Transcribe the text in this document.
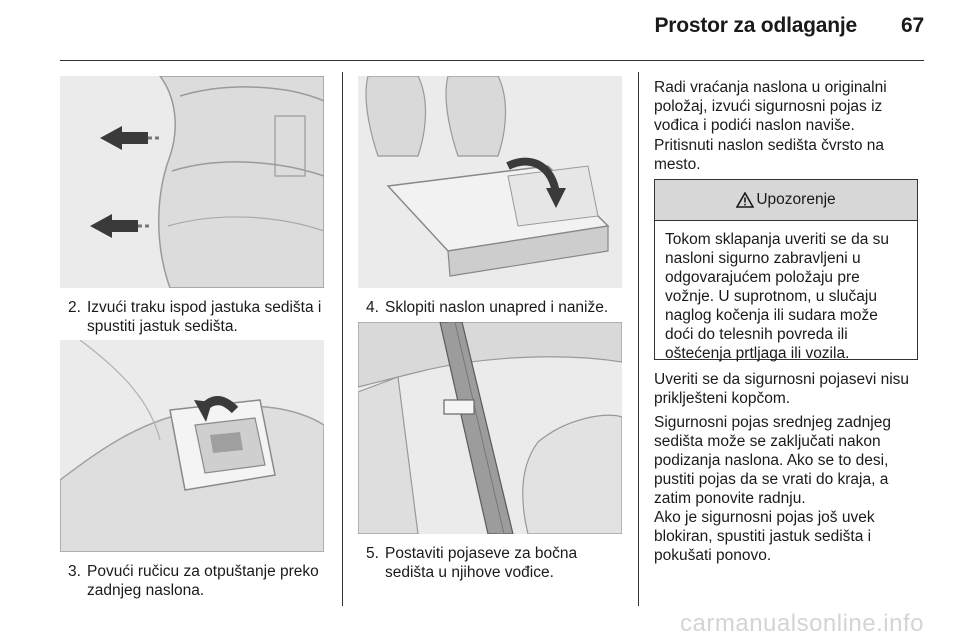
Prostor za odlaganje 67
2. Izvući traku ispod jastuka sedišta i spustiti jastuk sedišta.
3. Povući ručicu za otpuštanje preko zadnjeg naslona.
4. Sklopiti naslon unapred i naniže.
5. Postaviti pojaseve za bočna sedišta u njihove vođice.

Radi vraćanja naslona u originalni položaj, izvući sigurnosni pojas iz vođica i podići naslon naviše.

Pritisnuti naslon sedišta čvrsto na mesto.

Upozorenje
Tokom sklapanja uveriti se da su nasloni sigurno zabravljeni u odgovarajućem položaju pre vožnje. U suprotnom, u slučaju naglog kočenja ili sudara može doći do telesnih povreda ili oštećenja prtljaga ili vozila.

Uveriti se da sigurnosni pojasevi nisu priklješteni kopčom.

Sigurnosni pojas srednjeg zadnjeg sedišta može se zaključati nakon podizanja naslona. Ako se to desi, pustiti pojas da se vrati do kraja, a zatim ponovite radnju.

Ako je sigurnosni pojas još uvek blokiran, spustiti jastuk sedišta i pokušati ponovo.

carmanualsonline.info
